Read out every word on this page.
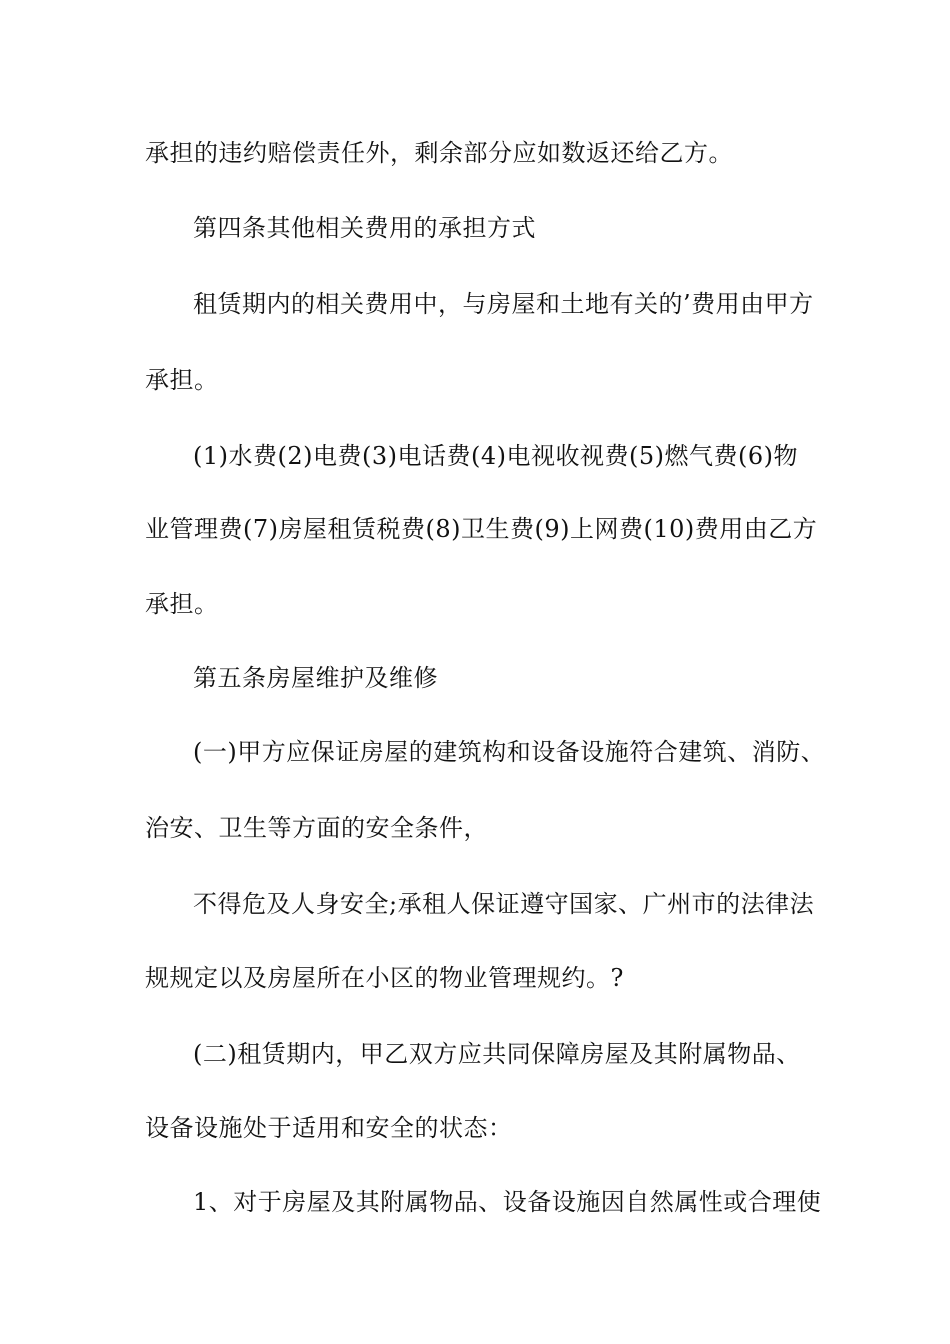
承担的违约赔偿责任外，剩余部分应如数返还给乙方。
第四条其他相关费用的承担方式
租赁期内的相关费用中，与房屋和土地有关的’费用由甲方
承担。
(1)水费(2)电费(3)电话费(4)电视收视费(5)燃气费(6)物
业管理费(7)房屋租赁税费(8)卫生费(9)上网费(10)费用由乙方
承担。
第五条房屋维护及维修
(一)甲方应保证房屋的建筑构和设备设施符合建筑、消防、
治安、卫生等方面的安全条件，
不得危及人身安全;承租人保证遵守国家、广州市的法律法
规规定以及房屋所在小区的物业管理规约。?
(二)租赁期内，甲乙双方应共同保障房屋及其附属物品、
设备设施处于适用和安全的状态：
1、对于房屋及其附属物品、设备设施因自然属性或合理使
